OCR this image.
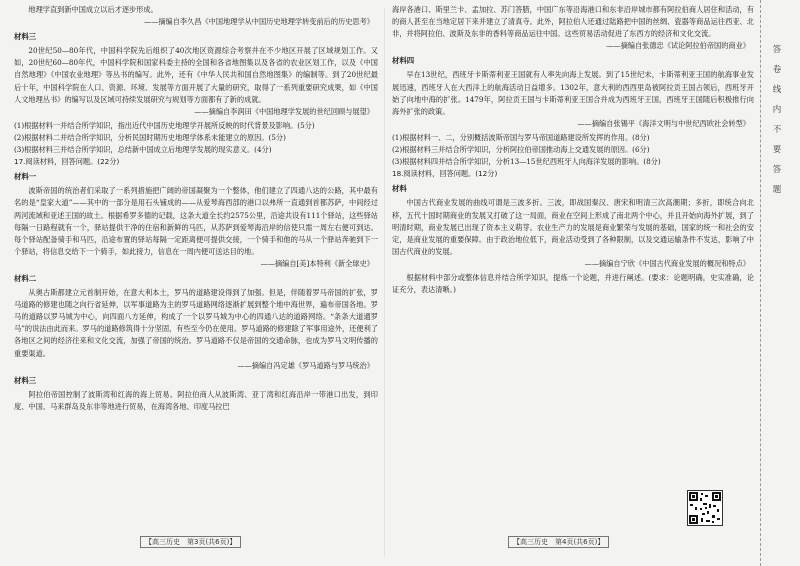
地理学直到新中国成立以后才逐步形成。

——摘编自李久昌《中国地理学从中国历史地理学转变前后的历史思考》

材料三

20世纪50—80年代，中国科学院先后组织了40次地区资源综合考察并在不少地区开展了区域规划工作。又如，20世纪60—80年代，中国科学院和国家科委主持的全国和各省地图集以及各省的农业区划工作，以及《中国自然地理》《中国农业地理》等丛书的编写。此外，还有《中华人民共和国自然地图集》的编制等。到了20世纪最后十年，中国科学院在人口、资源、环境、发展等方面开展了大量的研究，取得了一系列重要研究成果，如《中国人文地理丛书》的编写以及区域可持续发展研究与规划等方面都有了新的成就。

——摘编自李润田《中国地理学发展的世纪回顾与展望》

(1)根据材料一并结合所学知识，指出近代中国历史地理学开展所反映的时代背景及影响。(5分)

(2)根据材料二并结合所学知识，分析民国时期历史地理学体系未能建立的原因。(5分)

(3)根据材料三并结合所学知识，总结新中国成立后地理学发展的现实意义。(4分)

17.阅读材料，回答问题。(22分)

材料一

波斯帝国的统治者们采取了一系列措施把广阔的帝国凝聚为一个整体，他们建立了四通八达的公路，其中最有名的是“皇家大道”——其中的一部分是用石头铺成的——从爱琴海西部的港口以弗所一直通到首都苏萨，中间经过两河流域和亚述王国的故土。根据希罗多德的记载，这条大道全长约2575公里，沿途共设有111个驿站，这些驿站每隔一日路程就有一个，驿站提供干净的住宿和新鲜的马匹，从苏萨到爱琴海沿岸的信使只需一周左右便可到达。每个驿站配备骑手和马匹，沿途布置的驿站每隔一定距离便可提供交接，一个骑手和他的马从一个驿站奔驰到下一个驿站，将信息交给下一个骑手，如此接力，信息在一周内便可送达目的地。

——摘编自[美]本特利《新全球史》

材料二

从奥古斯都建立元首制开始，在意大利本土，罗马的道路建设得到了加强。但是，伴随着罗马帝国的扩张，罗马道路的修建也随之向行省延伸，以军事道路为主的罗马道路网络逐渐扩展到整个地中海世界，遍布帝国各地。罗马的道路以罗马城为中心，向四面八方延伸，构成了一个以罗马城为中心的四通八达的道路网络。“条条大道通罗马”的说法由此而来。罗马的道路修筑得十分坚固，有些至今仍在使用。罗马道路的修建除了军事用途外，还便利了各地区之间的经济往来和文化交流，加强了帝国的统治。罗马道路不仅是帝国的交通命脉，也成为罗马文明传播的重要渠道。

——摘编自冯定雄《罗马道路与罗马统治》

材料三

阿拉伯帝国控制了波斯湾和红海的海上贸易。阿拉伯商人从波斯湾、亚丁湾和红海沿岸一带港口出发，到印度、中国、马来群岛及东非等地进行贸易，在海湾各地、印度马拉巴

海岸各港口、斯里兰卡、孟加拉、苏门答腊，中国广东等沿海港口和东非沿岸城市都有阿拉伯商人居住和活动，有的商人甚至在当地定居下来并建立了清真寺。此外，阿拉伯人还通过陆路把中国的丝绸、瓷器等商品运往西亚、北非，并将阿拉伯、波斯及东非的香料等商品运往中国。这些贸易活动促进了东西方的经济和文化交流。

——摘编自张德忠《试论阿拉伯帝国的商业》

材料四

早在13世纪，西班牙卡斯蒂利亚王国就有人率先向海上发展。到了15世纪末，卡斯蒂利亚王国的航海事业发展迅速，西班牙人在大西洋上的航海活动日益增多。1302年，意大利的西西里岛被阿拉贡王国占领后，西班牙开始了向地中海的扩张。1479年，阿拉贡王国与卡斯蒂利亚王国合并成为西班牙王国，西班牙王国随后积极推行向海外扩张的政策。

——摘编自张锡平《海洋文明与中世纪西欧社会转型》

(1)根据材料一、二，分别概括波斯帝国与罗马帝国道路建设所发挥的作用。(8分)

(2)根据材料三并结合所学知识，分析阿拉伯帝国推动海上交通发展的原因。(6分)

(3)根据材料四并结合所学知识，分析13—15世纪西班牙人向海洋发展的影响。(8分)

18.阅读材料，回答问题。(12分)

材料

中国古代商业发展的曲线可谓是三波多折。三波，即战国秦汉、唐宋和明清三次高潮期；多折，即统合向北移，五代十国时期商业的发展又打破了这一局面，商业在空间上形成了南北两个中心，并且开始向海外扩展，到了明清时期，商业发展已出现了资本主义萌芽。农业生产力的发展是商业繁荣与发展的基础，国家的统一和社会的安定，是商业发展的重要保障。由于政治地位低下，商业活动受到了各种限制，以及交通运输条件不发达，影响了中国古代商业的发展。

——摘编自宁欣《中国古代商业发展的概况和特点》

根据材料中部分或整体信息并结合所学知识，提炼一个论题，并进行阐述。(要求：论题明确，史实准确，论证充分，表达清晰。)

【高三历史　第3页(共6页)】	【高三历史　第4页(共6页)】
答
卷
线
内
不
要
答
题
